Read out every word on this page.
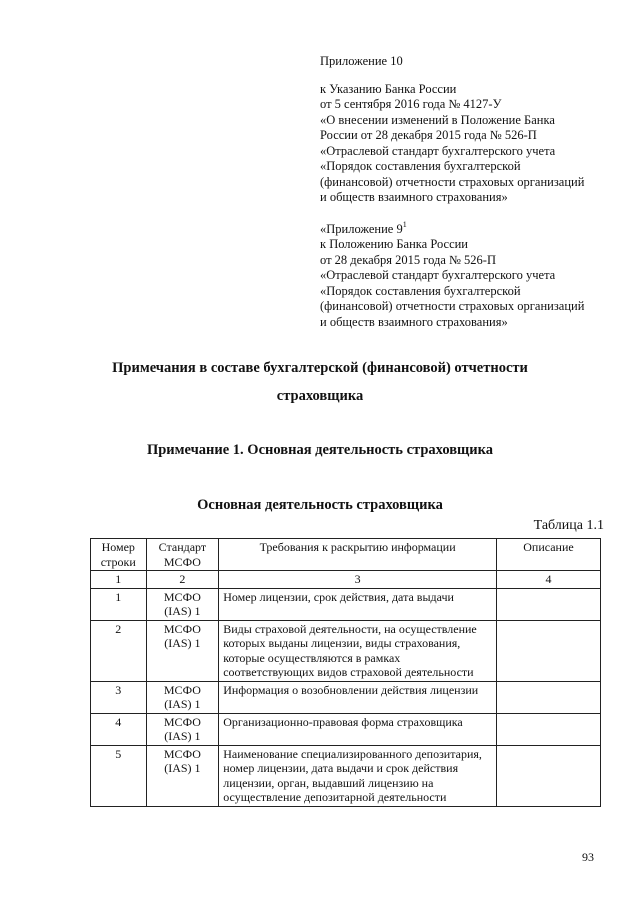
Приложение 10
к Указанию Банка России
от 5 сентября 2016 года № 4127-У
«О внесении изменений в Положение Банка
России от 28 декабря 2015 года № 526-П
«Отраслевой стандарт бухгалтерского учета
«Порядок составления бухгалтерской
(финансовой) отчетности страховых организаций
и обществ взаимного страхования»
«Приложение $9^1$
к Положению Банка России
от 28 декабря 2015 года № 526-П
«Отраслевой стандарт бухгалтерского учета
«Порядок составления бухгалтерской
(финансовой) отчетности страховых организаций
и обществ взаимного страхования»
Примечания в составе бухгалтерской (финансовой) отчетности
страховщика
Примечание 1. Основная деятельность страховщика
Основная деятельность страховщика
Таблица 1.1
Номер строки	Стандарт МСФО	Требования к раскрытию информации	Описание
1	2	3	4
1	МСФО (IAS) 1	Номер лицензии, срок действия, дата выдачи	
2	МСФО (IAS) 1	Виды страховой деятельности, на осуществление которых выданы лицензии, виды страхования, которые осуществляются в рамках соответствующих видов страховой деятельности	
3	МСФО (IAS) 1	Информация о возобновлении действия лицензии	
4	МСФО (IAS) 1	Организационно-правовая форма страховщика	
5	МСФО (IAS) 1	Наименование специализированного депозитария, номер лицензии, дата выдачи и срок действия лицензии, орган, выдавший лицензию на осуществление депозитарной деятельности	
93
